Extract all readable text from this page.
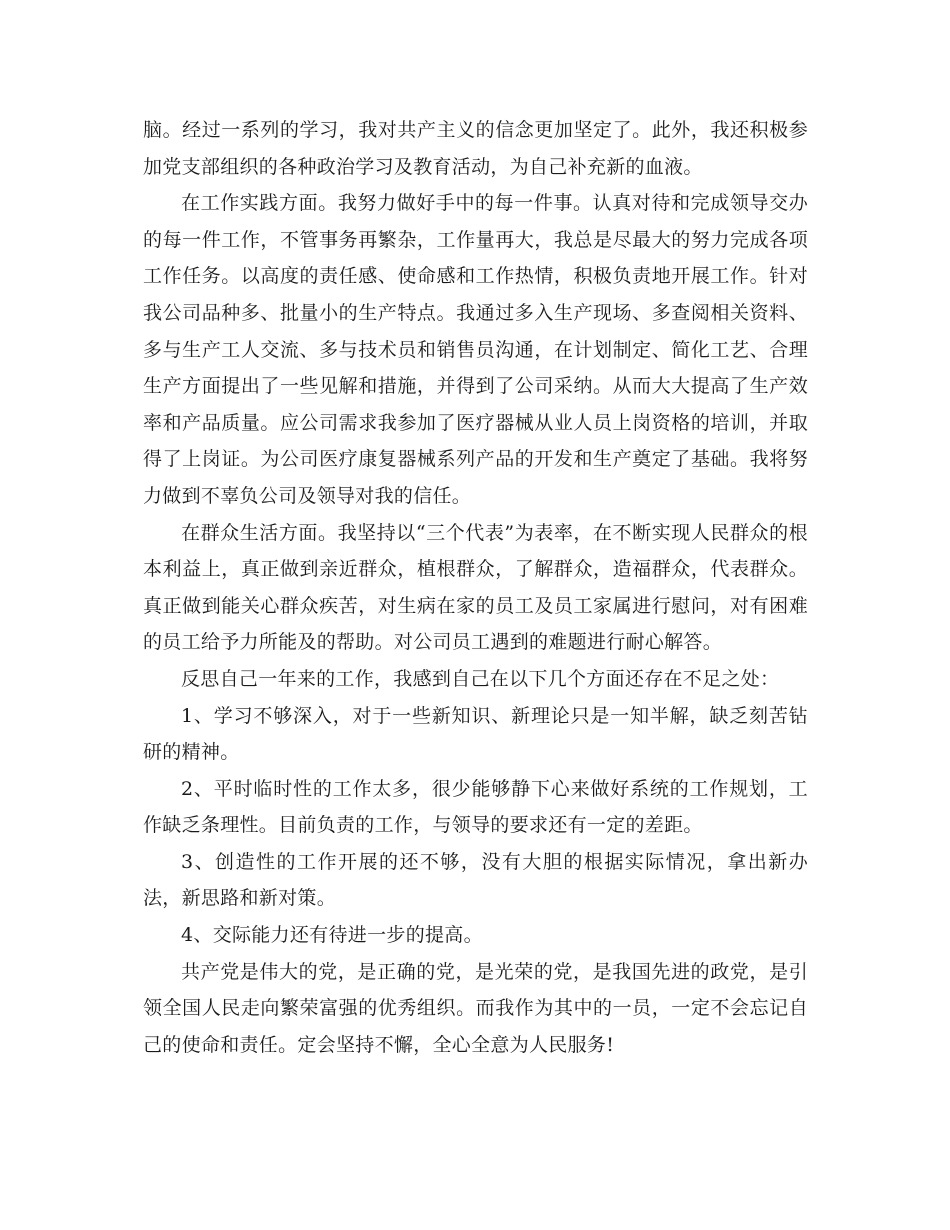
脑。经过一系列的学习，我对共产主义的信念更加坚定了。此外，我还积极参加党支部组织的各种政治学习及教育活动，为自己补充新的血液。

在工作实践方面。我努力做好手中的每一件事。认真对待和完成领导交办的每一件工作，不管事务再繁杂，工作量再大，我总是尽最大的努力完成各项工作任务。以高度的责任感、使命感和工作热情，积极负责地开展工作。针对我公司品种多、批量小的生产特点。我通过多入生产现场、多查阅相关资料、多与生产工人交流、多与技术员和销售员沟通，在计划制定、简化工艺、合理生产方面提出了一些见解和措施，并得到了公司采纳。从而大大提高了生产效率和产品质量。应公司需求我参加了医疗器械从业人员上岗资格的培训，并取得了上岗证。为公司医疗康复器械系列产品的开发和生产奠定了基础。我将努力做到不辜负公司及领导对我的信任。

在群众生活方面。我坚持以“三个代表”为表率，在不断实现人民群众的根本利益上，真正做到亲近群众，植根群众，了解群众，造福群众，代表群众。真正做到能关心群众疾苦，对生病在家的员工及员工家属进行慰问，对有困难的员工给予力所能及的帮助。对公司员工遇到的难题进行耐心解答。

反思自己一年来的工作，我感到自己在以下几个方面还存在不足之处：

1、学习不够深入，对于一些新知识、新理论只是一知半解，缺乏刻苦钻研的精神。

2、平时临时性的工作太多，很少能够静下心来做好系统的工作规划，工作缺乏条理性。目前负责的工作，与领导的要求还有一定的差距。

3、创造性的工作开展的还不够，没有大胆的根据实际情况，拿出新办法，新思路和新对策。

4、交际能力还有待进一步的提高。

共产党是伟大的党，是正确的党，是光荣的党，是我国先进的政党，是引领全国人民走向繁荣富强的优秀组织。而我作为其中的一员，一定不会忘记自己的使命和责任。定会坚持不懈，全心全意为人民服务!
